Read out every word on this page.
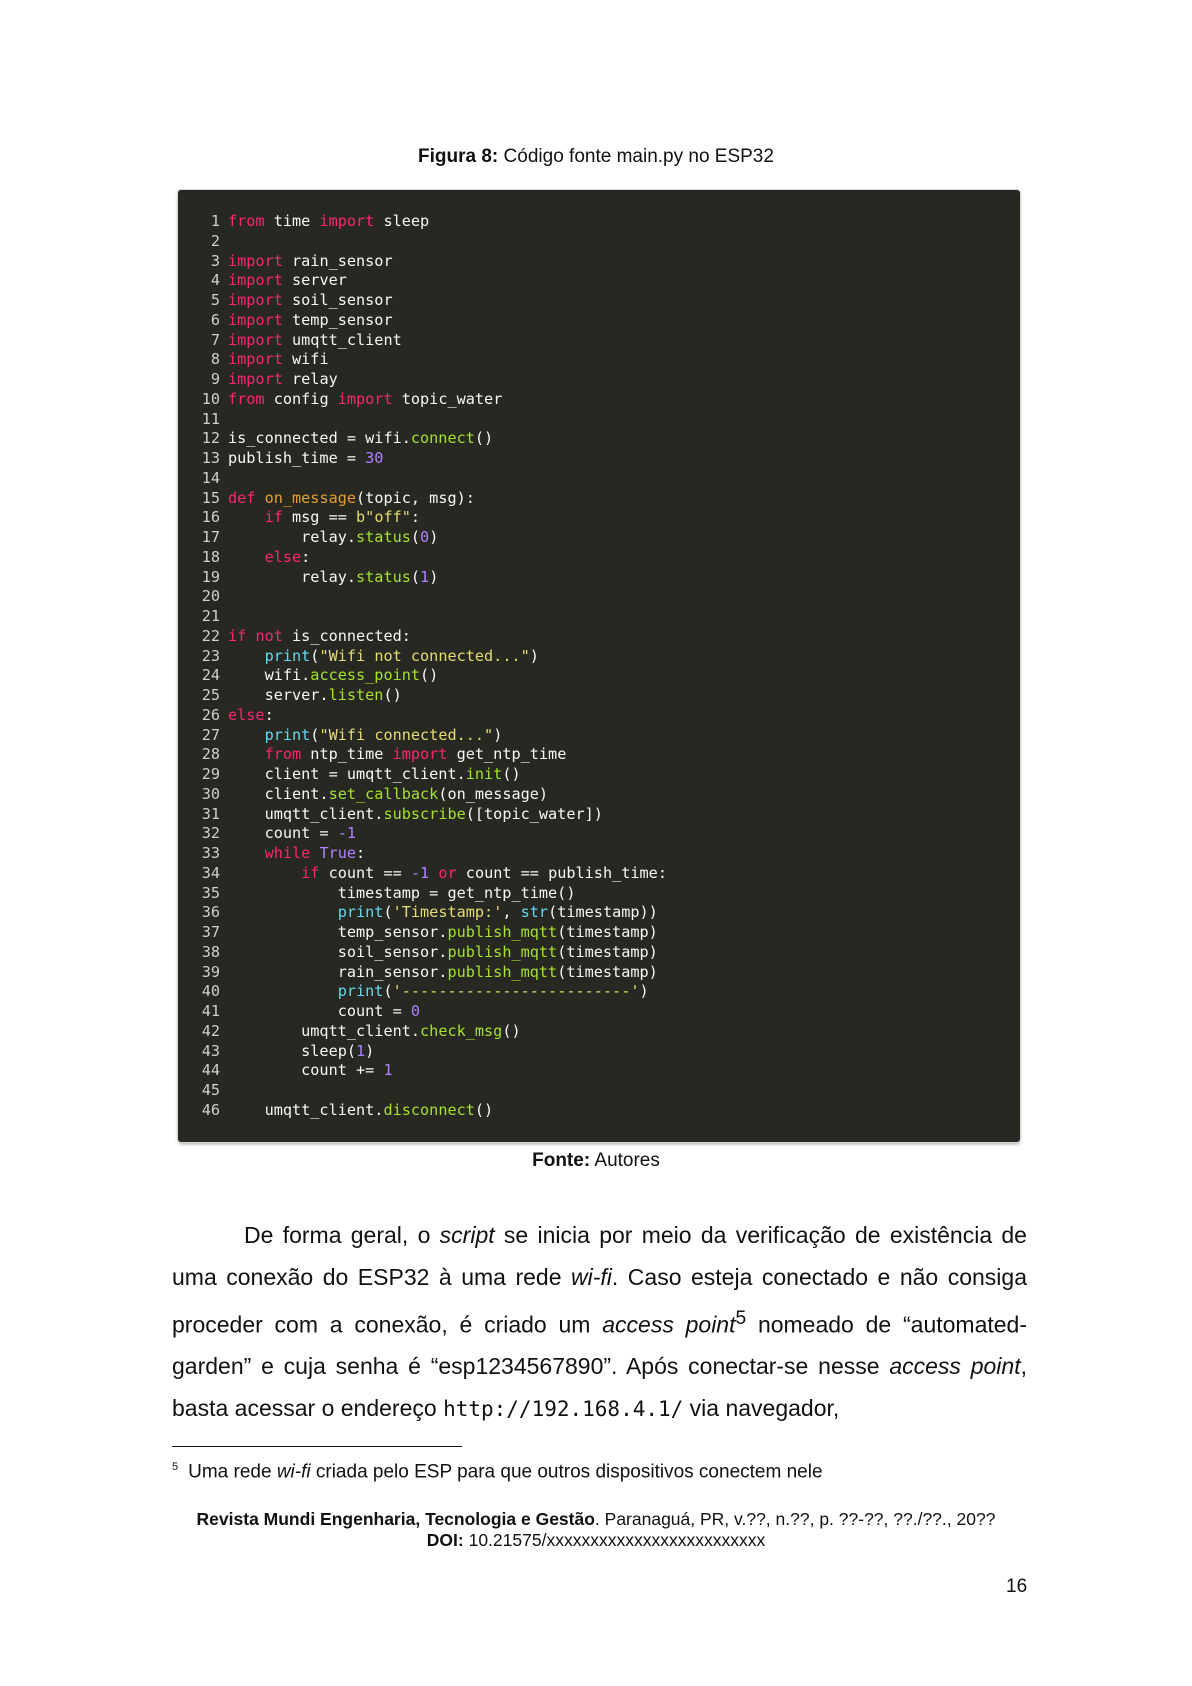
Figura 8: Código fonte main.py no ESP32
1 from time import sleep
2
3 import rain_sensor
4 import server
5 import soil_sensor
6 import temp_sensor
7 import umqtt_client
8 import wifi
9 import relay
10 from config import topic_water
11
12 is_connected = wifi.connect()
13 publish_time = 30
14
15 def on_message(topic, msg):
16	if msg == b"off":
17        relay.status(0)
18	else:
19        relay.status(1)
20
21
22 if not is_connected:
23	print("Wifi not connected...")
24    wifi.access_point()
25    server.listen()
26 else:
27	print("Wifi connected...")
28	from ntp_time import get_ntp_time
29    client = umqtt_client.init()
30    client.set_callback(on_message)
31    umqtt_client.subscribe([topic_water])
32    count = -1
33	while True:
34	if count == -1 or count == publish_time:
35            timestamp = get_ntp_time()
36	print('Timestamp:', str(timestamp))
37            temp_sensor.publish_mqtt(timestamp)
38            soil_sensor.publish_mqtt(timestamp)
39            rain_sensor.publish_mqtt(timestamp)
40	print('-------------------------')
41            count = 0
42        umqtt_client.check_msg()
43        sleep(1)
44        count += 1
45
46    umqtt_client.disconnect()
Fonte: Autores

De forma geral, o script se inicia por meio da verificação de existência de uma conexão do ESP32 à uma rede wi-fi. Caso esteja conectado e não consiga proceder com a conexão, é criado um access point$^5$ nomeado de “automated-garden” e cuja senha é “esp1234567890”. Após conectar-se nesse access point, basta acessar o endereço http://192.168.4.1/ via navegador,

$^5$ Uma rede wi-fi criada pelo ESP para que outros dispositivos conectem nele
Revista Mundi Engenharia, Tecnologia e Gestão. Paranaguá, PR, v.??, n.??, p. ??-??, ??./??., 20??
DOI: 10.21575/xxxxxxxxxxxxxxxxxxxxxxxxx
16
